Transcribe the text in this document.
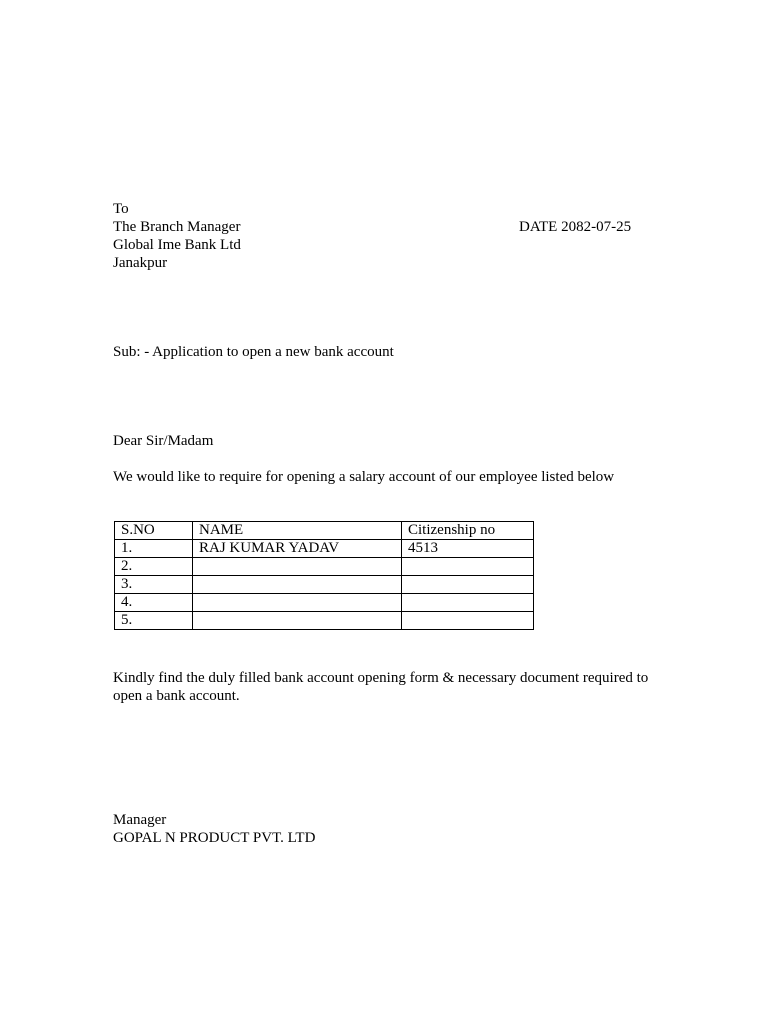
To
The Branch Manager
Global Ime Bank Ltd
Janakpur
DATE 2082-07-25
Sub: - Application to open a new bank account
Dear Sir/Madam
We would like to require for opening a salary account of our employee listed below
S.NO	NAME	Citizenship no
1.	RAJ KUMAR YADAV	4513
2.		
3.		
4.		
5.		
Kindly find the duly filled bank account opening form & necessary document required to open a bank account.
Manager
GOPAL N PRODUCT PVT. LTD
